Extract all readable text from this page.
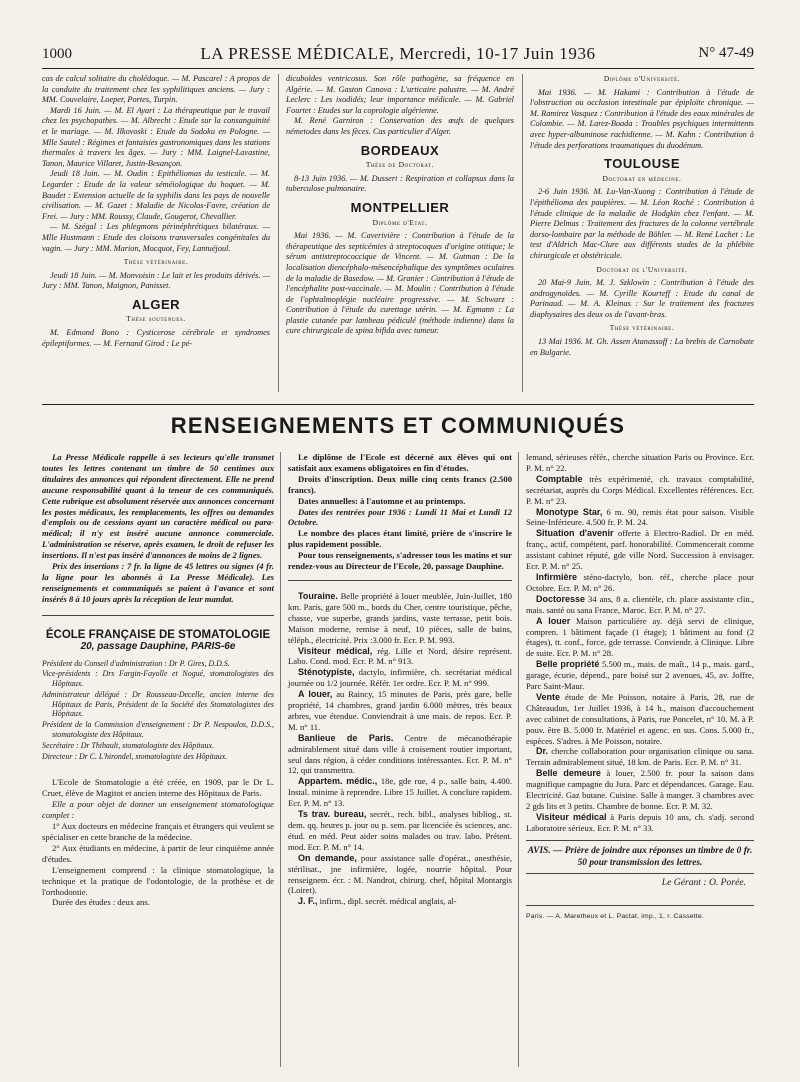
1000	LA PRESSE MÉDICALE, Mercredi, 10-17 Juin 1936	N° 47-49

cas de calcul solitaire du cholédoque. — M. Pascarel : A propos de la conduite du traitement chez les syphilitiques anciens. — Jury : MM. Couvelaire, Loeper, Portes, Turpin.

Mardi 16 Juin. — M. El Ayari : La thérapeutique par le travail chez les psychopathes. — M. Albrecht : Etude sur la consanguinité et le mariage. — M. Ilkovoski : Etude du Sodoku en Pologne. — Mlle Sautel : Régimes et fantaisies gastronomiques dans les stations thermales à travers les âges. — Jury : MM. Laignel-Lavastine, Tanon, Maurice Villaret, Justin-Besançon.

Jeudi 18 Juin. — M. Oudin : Epithéliomas du testicule. — M. Legarder : Etude de la valeur séméiologique du hoquet. — M. Baudet : Extension actuelle de la syphilis dans les pays de nouvelle civilisation. — M. Gazet : Maladie de Nicolas-Favre, création de Frei. — Jury : MM. Roussy, Claude, Gougerot, Chevallier.

— M. Szégal : Les phlegmons périnéphrétiques bilatéraux. — Mlle Hustmann : Etude des cloisons transversales congénitales du vagin. — Jury : MM. Marion, Mocquot, Fey, Lantuéjoul.

Thèse vétérinaire.

Jeudi 18 Juin. — M. Monvoisin : Le lait et les produits dérivés. — Jury : MM. Tanon, Maignon, Panisset.

ALGER
Thèse soutenues.

M. Edmond Bono : Cysticerose cérébrale et syndromes épileptiformes. — M. Fernand Girod : Le pé-

dicuboïdes ventricosus. Son rôle pathogène, sa fréquence en Algérie. — M. Gaston Canova : L'urticaire palustre. — M. André Leclerc : Les ixodidés; leur importance médicale. — M. Gabriel Fourtet : Etudes sur la coprologie algérienne.

M. René Garniron : Conservation des œufs de quelques németodes dans les fèces. Cas particulier d'Alger.

BORDEAUX
Thèse de Doctorat.

8-13 Juin 1936. — M. Dussert : Respiration et collapsus dans la tuberculose pulmonaire.

MONTPELLIER
Diplôme d'Etat.

Mai 1936. — M. Caverivière : Contribution à l'étude de la thérapeutique des septicémies à streptocoques d'origine otitique; le sérum antistreptococcique de Vincent. — M. Gutman : De la localisation diencéphalo-mésencéphalique des symptômes oculaires de la maladie de Basedow. — M. Granier : Contribution à l'étude de l'encéphalite post-vaccinale. — M. Moulin : Contribution à l'étude de l'ophtalmoplégie nucléaire progressive. — M. Schwarz : Contribution à l'étude du curettage utérin. — M. Egmann : La plastie cutanée par lambeau pédiculé (méthode indienne) dans la cure chirurgicale de spina bifida avec tumeur.

Diplôme d'Université.

Mai 1936. — M. Hakami : Contribution à l'étude de l'obstruction ou occlusion intestinale par épiploïte chronique. — M. Ramirez Vasquez : Contribution à l'étude des eaux minérales de Colombie. — M. Larez-Boada : Troubles psychiques intermittents avec hyper-albuminose rachidienne. — M. Kahn : Contribution à l'étude des perforations traumatiques du duodénum.

TOULOUSE
Doctorat en médecine.

2-6 Juin 1936. M. Lu-Van-Xuong : Contribution à l'étude de l'épithélioma des paupières. — M. Léon Roché : Contribution à l'étude clinique de la maladie de Hodgkin chez l'enfant. — M. Pierre Delmas : Traitement des fractures de la colonne vertébrale dorso-lombaire par la méthode de Böhler. — M. René Lachet : Le test d'Aldrich Mac-Clure aux différents stades de la phlébite chirurgicale et obstétricale.

Doctorat de l'Université.

20 Mai-9 Juin. M. J. Szklowin : Contribution à l'étude des androgynoïdes. — M. Cyrille Kourteff : Etude du canal de Parinaud. — M. A. Kleinas : Sur le traitement des fractures diaphysaires des deux os de l'avant-bras.

Thèse vétérinaire.

13 Mai 1936. M. Gh. Assen Atanassoff : La brebis de Carnobate en Bulgarie.

RENSEIGNEMENTS ET COMMUNIQUÉS

La Presse Médicale rappelle à ses lecteurs qu'elle transmet toutes les lettres contenant un timbre de 50 centimes aux titulaires des annonces qui répondent directement. Elle ne prend aucune responsabilité quant à la teneur de ces communiqués. Cette rubrique est absolument réservée aux annonces concernant les postes médicaux, les remplacements, les offres ou demandes d'emplois ou de cessions ayant un caractère médical ou para-médical; il n'y est inséré aucune annonce commerciale. L'administration se réserve, après examen, le droit de refuser les insertions. Il n'est pas inséré d'annonces de moins de 2 lignes.

Prix des insertions : 7 fr. la ligne de 45 lettres ou signes (4 fr. la ligne pour les abonnés à La Presse Médicale). Les renseignements et communiqués se paient à l'avance et sont insérés 8 à 10 jours après la réception de leur mandat.

ÉCOLE FRANÇAISE DE STOMATOLOGIE
20, passage Dauphine, PARIS-6e

Président du Conseil d'administration : Dr P. Gires, D.D.S.

Vice-présidents : Drs Fargin-Fayolle et Nogué, stomatologistes des Hôpitaux.

Administrateur délégué : Dr Rousseau-Decelle, ancien interne des Hôpitaux de Paris, Président de la Société des Stomatologistes des Hôpitaux.

Président de la Commission d'enseignement : Dr P. Nespoulos, D.D.S., stomatologiste des Hôpitaux.

Secrétaire : Dr Thibault, stomatologiste des Hôpitaux.

Directeur : Dr C. L'hirondel, stomatologiste des Hôpitaux.

L'Ecole de Stomatologie a été créée, en 1909, par le Dr L. Cruet, élève de Magitot et ancien interne des Hôpitaux de Paris.

Elle a pour objet de donner un enseignement stomatologique complet :

1° Aux docteurs en médecine français et étrangers qui veulent se spécialiser en cette branche de la médecine.

2° Aux étudiants en médecine, à partir de leur cinquième année d'études.

L'enseignement comprend : la clinique stomatologique, la technique et la pratique de l'odontologie, de la prothèse et de l'orthodontie.

Durée des études : deux ans.

Le diplôme de l'Ecole est décerné aux élèves qui ont satisfait aux examens obligatoires en fin d'études.

Droits d'inscription. Deux mille cinq cents francs (2.500 francs).

Dates annuelles: à l'automne et au printemps.

Dates des rentrées pour 1936 : Lundi 11 Mai et Lundi 12 Octobre.

Le nombre des places étant limité, prière de s'inscrire le plus rapidement possible.

Pour tous renseignements, s'adresser tous les matins et sur rendez-vous au Directeur de l'Ecole, 20, passage Dauphine.

Touraine. Belle propriété à louer meublée, Juin-Juillet, 180 km. Paris, gare 500 m., bords du Cher, centre touristique, pêche, chasse, vue superbe, grands jardins, vaste terrasse, petit bois. Maison moderne, remise à neuf, 10 pièces, salle de bains, téléph., électricité. Prix :3.000 fr. Ecr. P. M. 993.

Visiteur médical, rég. Lille et Nord, désire représent. Labo. Cond. mod. Ecr. P. M. n° 913.

Sténotypiste, dactylo, infirmière, ch. secrétariat médical journée ou 1/2 journée. Référ. 1er ordre. Ecr. P. M. n° 999.

A louer, au Raincy, 15 minutes de Paris, près gare, belle propriété, 14 chambres, grand jardin 6.000 mètres, très beaux arbres, vue étendue. Conviendrait à une mais. de repos. Ecr. P. M. n° 11.

Banlieue de Paris. Centre de mécanothérapie admirablement situé dans ville à croisement routier important, seul dans région, à céder conditions intéressantes. Ecr. P. M. n° 12, qui transmettra.

Appartem. médic., 18e, gde rue, 4 p., salle bain, 4.400. Instal. minime à reprendre. Libre 15 Juillet. A conclure rapidem. Ecr. P. M. n° 13.

Ts trav. bureau, secrét., rech. bibl., analyses bibliog., st. dem. qq. heures p. jour ou p. sem. par licenciée ès sciences, anc. étud. en méd. Peut aider soins malades ou trav. labo. Prétent. mod. Ecr. P. M. n° 14.

On demande, pour assistance salle d'opérat., anesthésie, stérilisat., jne infirmière, logée, nourrie hôpital. Pour renseignem. écr. : M. Nandrot, chirurg. chef, hôpital Montargis (Loiret).

J. F., infirm., dipl. secrét. médical anglais, al-

lemand, sérieuses référ., cherche situation Paris ou Province. Ecr. P. M. n° 22.

Comptable très expérimenté, ch. travaux comptabilité, secrétariat, auprès du Corps Médical. Excellentes références. Ecr. P. M. n° 23.

Monotype Star, 6 m. 90, remis état pour saison. Visible Seine-Inférieure. 4.500 fr. P. M. 24.

Situation d'avenir offerte à Electro-Radiol. Dr en méd. franç., actif, compétent, parf. honorabilité. Commencerait comme assistant cabinet réputé, gde ville Nord. Succession à envisager. Ecr. P. M. n° 25.

Infirmière sténo-dactylo, bon. réf., cherche place pour Octobre. Ecr. P. M. n° 26.

Doctoresse 34 ans, 8 a. clientèle, ch. place assistante clin., mais. santé ou sana France, Maroc. Ecr. P. M. n° 27.

A louer Maison particulière ay. déjà servi de clinique, compren. 1 bâtiment façade (1 étage); 1 bâtiment au fond (2 étages), tt. conf., force, gde terrasse. Conviendr. à Clinique. Libre de suite. Ecr. P. M. n° 28.

Belle propriété 5.500 m., mais. de maît., 14 p., mais. gard., garage, écurie, dépend., pare boisé sur 2 avenues, 45, av. Joffre, Parc Saint-Maur.

Vente étude de Me Poisson, notaire à Paris, 28, rue de Châteaudun, 1er Juillet 1936, à 14 h., maison d'accouchement avec cabinet de consultations, à Paris, rue Poncelet, n° 10. M. à P. pouv. être B. 5.000 fr. Matériel et agenc. en sus. Cons. 5.000 fr., espèces. S'adres. à Me Poisson, notaire.

Dr. cherche collaboration pour organisation clinique ou sana. Terrain admirablement situé, 18 km. de Paris. Ecr. P. M. n° 31.

Belle demeure à louer, 2.500 fr. pour la saison dans magnifique campagne du Jura. Parc et dépendances. Garage. Eau. Electricité. Gaz butane. Cuisine. Salle à manger. 3 chambres avec 2 gds lits et 3 petits. Chambre de bonne. Ecr. P. M. 32.

Visiteur médical à Paris depuis 10 ans, ch. s'adj. second Laboratoire sérieux. Ecr. P. M. n° 33.

AVIS. — Prière de joindre aux réponses un timbre de 0 fr. 50 pour transmission des lettres.
Le Gérant : O. Porée.
Paris. — A. Maretheux et L. Pactat, imp., 1, r. Cassette.
